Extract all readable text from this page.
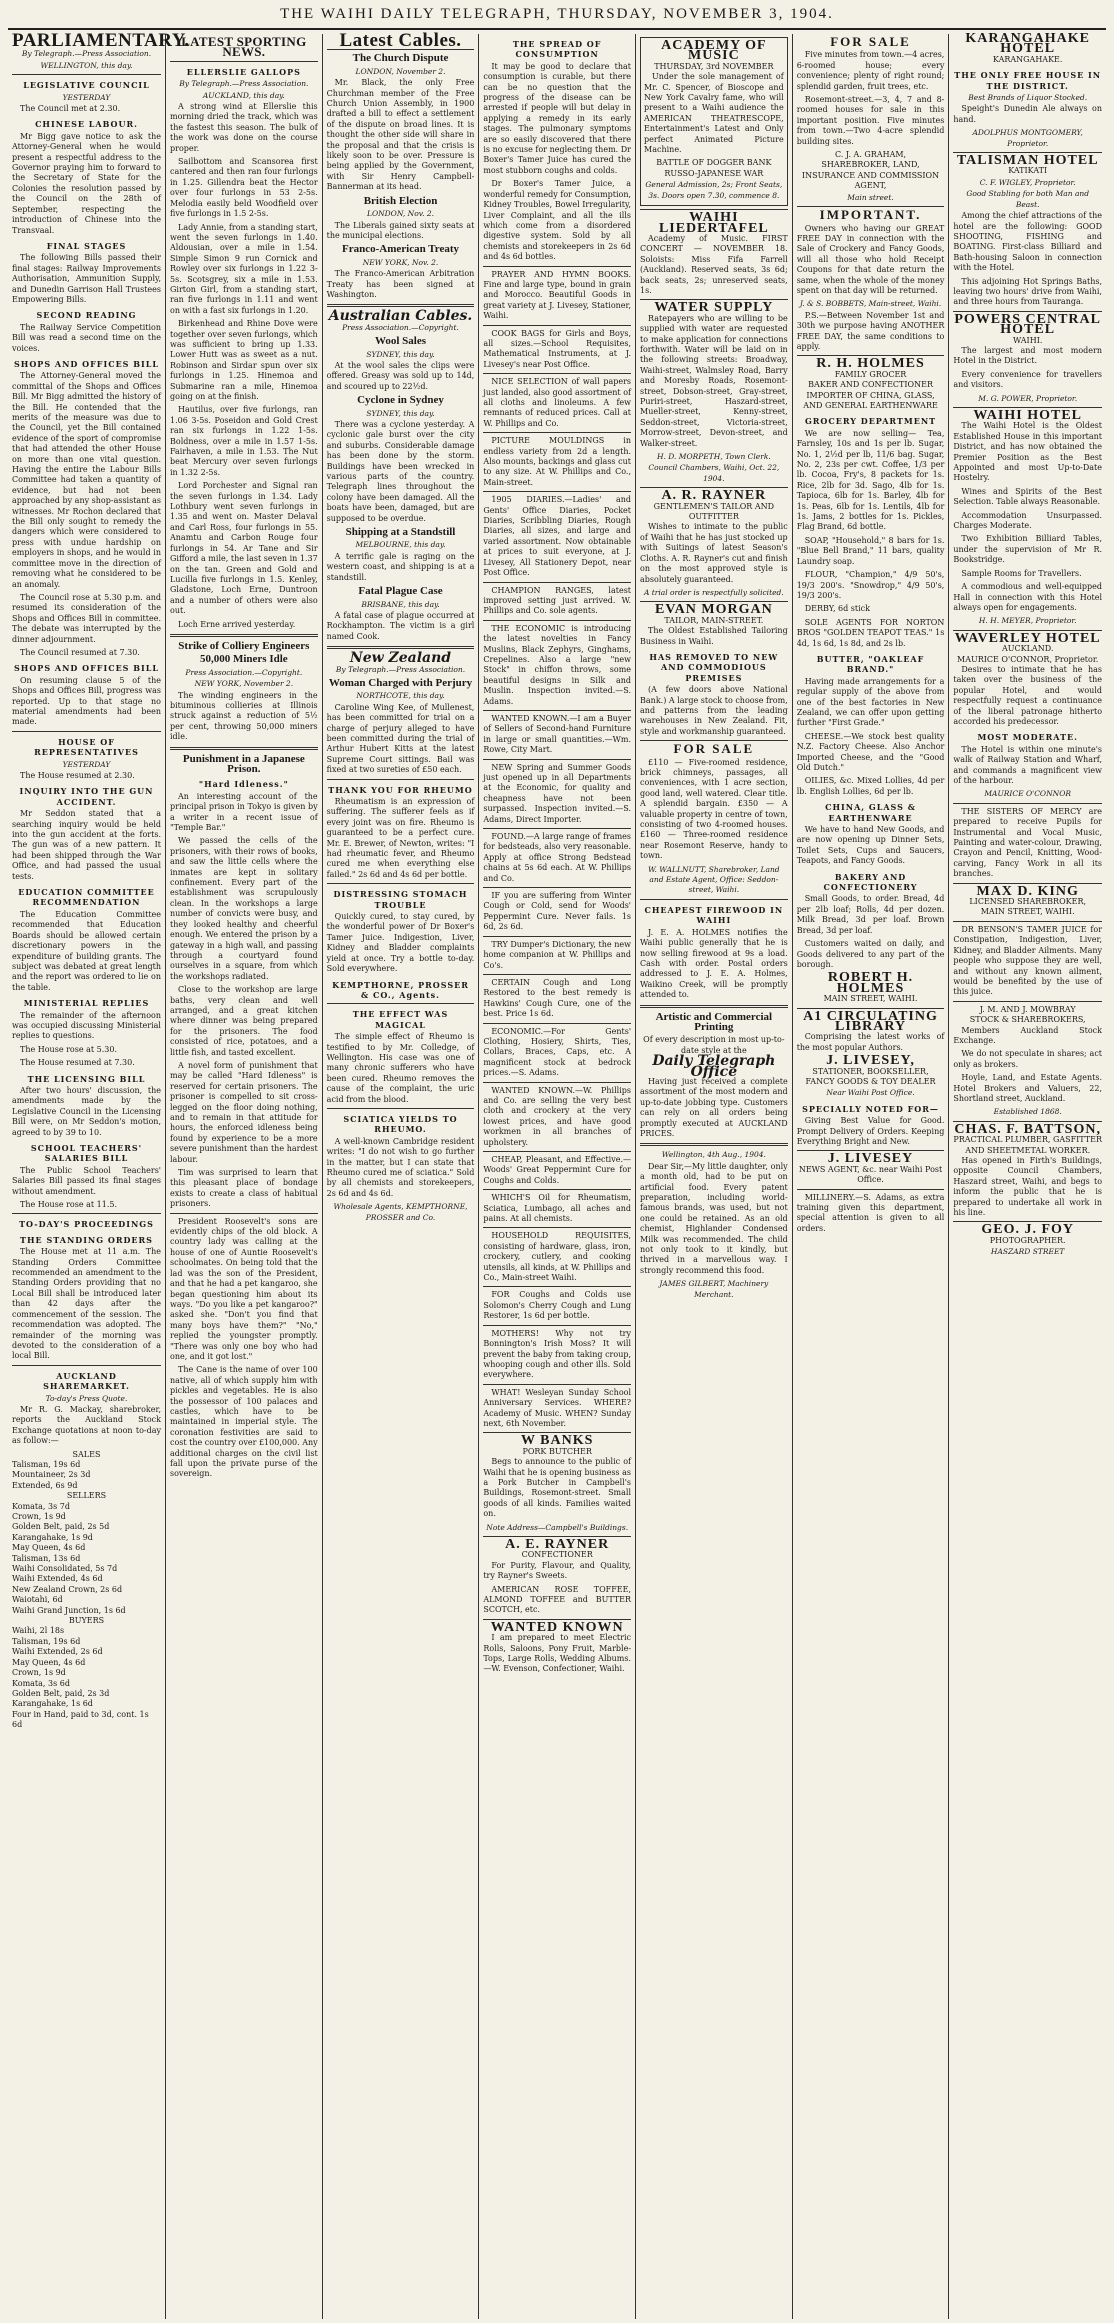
THE WAIHI DAILY TELEGRAPH, THURSDAY, NOVEMBER 3, 1904.
PARLIAMENTARY.
By Telegraph.—Press Association.
WELLINGTON, this day.
LEGISLATIVE COUNCIL
YESTERDAY

The Council met at 2.30.

CHINESE LABOUR.

Mr Bigg gave notice to ask the Attorney-General when he would present a respectful address to the Governor praying him to forward to the Secretary of State for the Colonies the resolution passed by the Council on the 28th of September, respecting the introduction of Chinese into the Transvaal.

FINAL STAGES

The following Bills passed their final stages: Railway Improvements Authorisation, Ammunition Supply, and Dunedin Garrison Hall Trustees Empowering Bills.

SECOND READING

The Railway Service Competition Bill was read a second time on the voices.

SHOPS AND OFFICES BILL

The Attorney-General moved the committal of the Shops and Offices Bill. Mr Bigg admitted the history of the Bill. He contended that the merits of the measure was due to the Council, yet the Bill contained evidence of the sport of compromise that had attended the other House on more than one vital question. Having the entire the Labour Bills Committee had taken a quantity of evidence, but had not been approached by any shop-assistant as witnesses. Mr Rochon declared that the Bill only sought to remedy the dangers which were considered to press with undue hardship on employers in shops, and he would in committee move in the direction of removing what he considered to be an anomaly.

The Council rose at 5.30 p.m. and resumed its consideration of the Shops and Offices Bill in committee. The debate was interrupted by the dinner adjournment.

The Council resumed at 7.30.

SHOPS AND OFFICES BILL

On resuming clause 5 of the Shops and Offices Bill, progress was reported. Up to that stage no material amendments had been made.

HOUSE OF REPRESENTATIVES
YESTERDAY

The House resumed at 2.30.

INQUIRY INTO THE GUN ACCIDENT.

Mr Seddon stated that a searching inquiry would be held into the gun accident at the forts. The gun was of a new pattern. It had been shipped through the War Office, and had passed the usual tests.

EDUCATION COMMITTEE RECOMMENDATION

The Education Committee recommended that Education Boards should be allowed certain discretionary powers in the expenditure of building grants. The subject was debated at great length and the report was ordered to lie on the table.

MINISTERIAL REPLIES

The remainder of the afternoon was occupied discussing Ministerial replies to questions.

The House rose at 5.30.

The House resumed at 7.30.

THE LICENSING BILL

After two hours' discussion, the amendments made by the Legislative Council in the Licensing Bill were, on Mr Seddon's motion, agreed to by 39 to 10.

SCHOOL TEACHERS' SALARIES BILL

The Public School Teachers' Salaries Bill passed its final stages without amendment.

The House rose at 11.5.

TO-DAY'S PROCEEDINGS
THE STANDING ORDERS

The House met at 11 a.m. The Standing Orders Committee recommended an amendment to the Standing Orders providing that no Local Bill shall be introduced later than 42 days after the commencement of the session. The recommendation was adopted. The remainder of the morning was devoted to the consideration of a local Bill.

AUCKLAND SHAREMARKET.
To-day's Press Quote.

Mr R. G. Mackay, sharebroker, reports the Auckland Stock Exchange quotations at noon to-day as follow:—

SALES
Talisman, 19s 6d
Mountaineer, 2s 3d
Extended, 6s 9d
SELLERS
Komata, 3s 7d
Crown, 1s 9d
Golden Belt, paid, 2s 5d
Karangahake, 1s 9d
May Queen, 4s 6d
Talisman, 13s 6d
Waihi Consolidated, 5s 7d
Waihi Extended, 4s 6d
New Zealand Crown, 2s 6d
Waiotahi, 6d
Waihi Grand Junction, 1s 6d
BUYERS
Waihi, 2l 18s
Talisman, 19s 6d
Waihi Extended, 2s 6d
May Queen, 4s 6d
Crown, 1s 9d
Komata, 3s 6d
Golden Belt, paid, 2s 3d
Karangahake, 1s 6d
Four in Hand, paid to 3d, cont. 1s 6d
LATEST SPORTING NEWS.
ELLERSLIE GALLOPS
By Telegraph.—Press Association.
AUCKLAND, this day.

A strong wind at Ellerslie this morning dried the track, which was the fastest this season. The bulk of the work was done on the course proper.

Sailbottom and Scansorea first cantered and then ran four furlongs in 1.25. Gillendra beat the Hector over four furlongs in 53 2-5s. Melodia easily beld Woodfield over five furlongs in 1.5 2-5s.

Lady Annie, from a standing start, went the seven furlongs in 1.40. Aldousian, over a mile in 1.54. Simple Simon 9 run Cornick and Rowley over six furlongs in 1.22 3-5s. Scotsgrey, six a mile in 1.53. Girton Girl, from a standing start, ran five furlongs in 1.11 and went on with a fast six furlongs in 1.20.

Birkenhead and Rhine Dove were together over seven furlongs, which was sufficient to bring up 1.33. Lower Hutt was as sweet as a nut. Robinson and Sirdar spun over six furlongs in 1.25. Hinemoa and Submarine ran a mile, Hinemoa going on at the finish.

Hautilus, over five furlongs, ran 1.06 3-5s. Poseidon and Gold Crest ran six furlongs in 1.22 1-5s. Boldness, over a mile in 1.57 1-5s. Fairhaven, a mile in 1.53. The Nut beat Mercury over seven furlongs in 1.32 2-5s.

Lord Porchester and Signal ran the seven furlongs in 1.34. Lady Lothbury went seven furlongs in 1.35 and went on. Master Delaval and Carl Ross, four furlongs in 55. Anamtu and Carbon Rouge four furlongs in 54. Ar Tane and Sir Gifford a mile, the last seven in 1.37 on the tan. Green and Gold and Lucilla five furlongs in 1.5. Kenley, Gladstone, Loch Erne, Duntroon and a number of others were also out.

Loch Erne arrived yesterday.

Strike of Colliery Engineers
50,000 Miners Idle
Press Association.—Copyright.
NEW YORK, November 2.

The winding engineers in the bituminous collieries at Illinois struck against a reduction of 5½ per cent, throwing 50,000 miners idle.

Punishment in a Japanese Prison.
"Hard Idleness."

An interesting account of the principal prison in Tokyo is given by a writer in a recent issue of "Temple Bar."

We passed the cells of the prisoners, with their rows of books, and saw the little cells where the inmates are kept in solitary confinement. Every part of the establishment was scrupulously clean. In the workshops a large number of convicts were busy, and they looked healthy and cheerful enough. We entered the prison by a gateway in a high wall, and passing through a courtyard found ourselves in a square, from which the workshops radiated.

Close to the workshop are large baths, very clean and well arranged, and a great kitchen where dinner was being prepared for the prisoners. The food consisted of rice, potatoes, and a little fish, and tasted excellent.

A novel form of punishment that may be called "Hard Idleness" is reserved for certain prisoners. The prisoner is compelled to sit cross-legged on the floor doing nothing, and to remain in that attitude for hours, the enforced idleness being found by experience to be a more severe punishment than the hardest labour.

Tim was surprised to learn that this pleasant place of bondage exists to create a class of habitual prisoners.

President Roosevelt's sons are evidently chips of the old block. A country lady was calling at the house of one of Auntie Roosevelt's schoolmates. On being told that the lad was the son of the President, and that he had a pet kangaroo, she began questioning him about its ways. "Do you like a pet kangaroo?" asked she. "Don't you find that many boys have them?" "No," replied the youngster promptly. "There was only one boy who had one, and it got lost."

The Cane is the name of over 100 native, all of which supply him with pickles and vegetables. He is also the possessor of 100 palaces and castles, which have to be maintained in imperial style. The coronation festivities are said to cost the country over £100,000. Any additional charges on the civil list fall upon the private purse of the sovereign.

Latest Cables.
The Church Dispute
LONDON, November 2.

Mr. Black, the only Free Churchman member of the Free Church Union Assembly, in 1900 drafted a bill to effect a settlement of the dispute on broad lines. It is thought the other side will share in the proposal and that the crisis is likely soon to be over. Pressure is being applied by the Government, with Sir Henry Campbell-Bannerman at its head.

British Election
LONDON, Nov. 2.

The Liberals gained sixty seats at the municipal elections.

Franco-American Treaty
NEW YORK, Nov. 2.

The Franco-American Arbitration Treaty has been signed at Washington.

Australian Cables.
Press Association.—Copyright.
Wool Sales
SYDNEY, this day.

At the wool sales the clips were offered. Greasy was sold up to 14d, and scoured up to 22½d.

Cyclone in Sydney
SYDNEY, this day.

There was a cyclone yesterday. A cyclonic gale burst over the city and suburbs. Considerable damage has been done by the storm. Buildings have been wrecked in various parts of the country. Telegraph lines throughout the colony have been damaged. All the boats have been, damaged, but are supposed to be overdue.

Shipping at a Standstill
MELBOURNE, this day.

A terrific gale is raging on the western coast, and shipping is at a standstill.

Fatal Plague Case
BRISBANE, this day.

A fatal case of plague occurred at Rockhampton. The victim is a girl named Cook.

New Zealand
By Telegraph.—Press Association.
Woman Charged with Perjury
NORTHCOTE, this day.

Caroline Wing Kee, of Mullenest, has been committed for trial on a charge of perjury alleged to have been committed during the trial of Arthur Hubert Kitts at the latest Supreme Court sittings. Bail was fixed at two sureties of £50 each.

THANK YOU FOR RHEUMO

Rheumatism is an expression of suffering. The sufferer feels as if every joint was on fire. Rheumo is guaranteed to be a perfect cure. Mr. E. Brewer, of Newton, writes: "I had rheumatic fever, and Rheumo cured me when everything else failed." 2s 6d and 4s 6d per bottle.

DISTRESSING STOMACH TROUBLE

Quickly cured, to stay cured, by the wonderful power of Dr Boxer's Tamer Juice. Indigestion, Liver, Kidney and Bladder complaints yield at once. Try a bottle to-day. Sold everywhere.

KEMPTHORNE, PROSSER & CO., Agents.
THE EFFECT WAS MAGICAL

The simple effect of Rheumo is testified to by Mr. Colledge, of Wellington. His case was one of many chronic sufferers who have been cured. Rheumo removes the cause of the complaint, the uric acid from the blood.

SCIATICA YIELDS TO RHEUMO.

A well-known Cambridge resident writes: "I do not wish to go further in the matter, but I can state that Rheumo cured me of sciatica." Sold by all chemists and storekeepers, 2s 6d and 4s 6d.

Wholesale Agents, KEMPTHORNE, PROSSER and Co.
THE SPREAD OF CONSUMPTION

It may be good to declare that consumption is curable, but there can be no question that the progress of the disease can be arrested if people will but delay in applying a remedy in its early stages. The pulmonary symptoms are so easily discovered that there is no excuse for neglecting them. Dr Boxer's Tamer Juice has cured the most stubborn coughs and colds.

Dr Boxer's Tamer Juice, a wonderful remedy for Consumption, Kidney Troubles, Bowel Irregularity, Liver Complaint, and all the ills which come from a disordered digestive system. Sold by all chemists and storekeepers in 2s 6d and 4s 6d bottles.

PRAYER AND HYMN BOOKS. Fine and large type, bound in grain and Morocco. Beautiful Goods in great variety at J. Livesey, Stationer, Waihi.

COOK BAGS for Girls and Boys, all sizes.—School Requisites, Mathematical Instruments, at J. Livesey's near Post Office.

NICE SELECTION of wall papers just landed, also good assortment of all cloths and linoleums. A few remnants of reduced prices. Call at W. Phillips and Co.

PICTURE MOULDINGS in endless variety from 2d a length. Also mounts, backings and glass cut to any size. At W. Phillips and Co., Main-street.

1905 DIARIES.—Ladies' and Gents' Office Diaries, Pocket Diaries, Scribbling Diaries, Rough Diaries, all sizes, and large and varied assortment. Now obtainable at prices to suit everyone, at J. Livesey, All Stationery Depot, near Post Office.

CHAMPION RANGES, latest improved setting just arrived. W. Phillips and Co. sole agents.

THE ECONOMIC is introducing the latest novelties in Fancy Muslins, Black Zephyrs, Ginghams, Crepelines. Also a large "new Stock" in chiffon throws, some beautiful designs in Silk and Muslin. Inspection invited.—S. Adams.

WANTED KNOWN.—I am a Buyer of Sellers of Second-hand Furniture in large or small quantities.—Wm. Rowe, City Mart.

NEW Spring and Summer Goods just opened up in all Departments at the Economic, for quality and cheapness have not been surpassed. Inspection invited.—S. Adams, Direct Importer.

FOUND.—A large range of frames for bedsteads, also very reasonable. Apply at office Strong Bedstead chains at 5s 6d each. At W. Phillips and Co.

IF you are suffering from Winter Cough or Cold, send for Woods' Peppermint Cure. Never fails. 1s 6d, 2s 6d.

TRY Dumper's Dictionary, the new home companion at W. Phillips and Co's.

CERTAIN Cough and Long Restored to the best remedy is Hawkins' Cough Cure, one of the best. Price 1s 6d.

ECONOMIC.—For Gents' Clothing, Hosiery, Shirts, Ties, Collars, Braces, Caps, etc. A magnificent stock at bedrock prices.—S. Adams.

WANTED KNOWN.—W. Phillips and Co. are selling the very best cloth and crockery at the very lowest prices, and have good workmen in all branches of upholstery.

CHEAP, Pleasant, and Effective.—Woods' Great Peppermint Cure for Coughs and Colds.

WHICH'S Oil for Rheumatism, Sciatica, Lumbago, all aches and pains. At all chemists.

HOUSEHOLD REQUISITES, consisting of hardware, glass, iron, crockery, cutlery, and cooking utensils, all kinds, at W. Phillips and Co., Main-street Waihi.

FOR Coughs and Colds use Solomon's Cherry Cough and Lung Restorer, 1s 6d per bottle.

MOTHERS! Why not try Bonnington's Irish Moss? It will prevent the baby from taking croup, whooping cough and other ills. Sold everywhere.

WHAT! Wesleyan Sunday School Anniversary Services. WHERE? Academy of Music. WHEN? Sunday next, 6th November.

W BANKS
PORK BUTCHER

Begs to announce to the public of Waihi that he is opening business as a Pork Butcher in Campbell's Buildings, Rosemont-street. Small goods of all kinds. Families waited on.

Note Address—Campbell's Buildings.
A. E. RAYNER
CONFECTIONER

For Purity, Flavour, and Quality, try Rayner's Sweets.

AMERICAN ROSE TOFFEE, ALMOND TOFFEE and BUTTER SCOTCH, etc.

WANTED KNOWN

I am prepared to meet Electric Rolls, Saloons, Pony Fruit, Marble-Tops, Large Rolls, Wedding Albums.—W. Evenson, Confectioner, Waihi.

ACADEMY OF MUSIC
THURSDAY, 3rd NOVEMBER

Under the sole management of Mr. C. Spencer, of Bioscope and New York Cavalry fame, who will present to a Waihi audience the AMERICAN THEATRESCOPE, Entertainment's Latest and Only perfect Animated Picture Machine.

BATTLE OF DOGGER BANK
RUSSO-JAPANESE WAR
General Admission, 2s; Front Seats, 3s. Doors open 7.30, commence 8.
WAIHI LIEDERTAFEL

Academy of Music. FIRST CONCERT — NOVEMBER 18. Soloists: Miss Fifa Farrell (Auckland). Reserved seats, 3s 6d; back seats, 2s; unreserved seats, 1s.

WATER SUPPLY

Ratepayers who are willing to be supplied with water are requested to make application for connections forthwith. Water will be laid on in the following streets: Broadway, Waihi-street, Walmsley Road, Barry and Moresby Roads, Rosemont-street, Dobson-street, Gray-street, Puriri-street, Haszard-street, Mueller-street, Kenny-street, Seddon-street, Victoria-street, Morrow-street, Devon-street, and Walker-street.

H. D. MORPETH, Town Clerk.
Council Chambers, Waihi, Oct. 22, 1904.
A. R. RAYNER
GENTLEMEN'S TAILOR AND OUTFITTER

Wishes to intimate to the public of Waihi that he has just stocked up with Suitings of latest Season's Cloths. A. R. Rayner's cut and finish on the most approved style is absolutely guaranteed.

A trial order is respectfully solicited.
EVAN MORGAN
TAILOR, MAIN-STREET.

The Oldest Established Tailoring Business in Waihi.

HAS REMOVED TO NEW AND COMMODIOUS PREMISES

(A few doors above National Bank.) A large stock to choose from, and patterns from the leading warehouses in New Zealand. Fit, style and workmanship guaranteed.

FOR SALE

£110 — Five-roomed residence, brick chimneys, passages, all conveniences, with 1 acre section, good land, well watered. Clear title. A splendid bargain. £350 — A valuable property in centre of town, consisting of two 4-roomed houses. £160 — Three-roomed residence near Rosemont Reserve, handy to town.

W. WALLNUTT, Sharebroker, Land and Estate Agent, Office: Seddon-street, Waihi.
CHEAPEST FIREWOOD IN WAIHI

J. E. A. HOLMES notifies the Waihi public generally that he is now selling firewood at 9s a load. Cash with order. Postal orders addressed to J. E. A. Holmes, Waikino Creek, will be promptly attended to.

Artistic and Commercial Printing
Of every description in most up-to-date style at the
Daily Telegraph Office

Having just received a complete assortment of the most modern and up-to-date jobbing type. Customers can rely on all orders being promptly executed at AUCKLAND PRICES.

Wellington, 4th Aug., 1904.

Dear Sir,—My little daughter, only a month old, had to be put on artificial food. Every patent preparation, including world-famous brands, was used, but not one could be retained. As an old chemist, Highlander Condensed Milk was recommended. The child not only took to it kindly, but thrived in a marvellous way. I strongly recommend this food.

JAMES GILBERT, Machinery Merchant.
FOR SALE

Five minutes from town.—4 acres, 6-roomed house; every convenience; plenty of right round; splendid garden, fruit trees, etc.

Rosemont-street.—3, 4, 7 and 8-roomed houses for sale in this important position. Five minutes from town.—Two 4-acre splendid building sites.

C. J. A. GRAHAM,
SHAREBROKER, LAND, INSURANCE AND COMMISSION AGENT,
Main street.
IMPORTANT.

Owners who having our GREAT FREE DAY in connection with the Sale of Crockery and Fancy Goods, will all those who hold Receipt Coupons for that date return the same, when the whole of the money spent on that day will be returned.

J. & S. BOBBETS, Main-street, Waihi.

P.S.—Between November 1st and 30th we purpose having ANOTHER FREE DAY, the same conditions to apply.

R. H. HOLMES
FAMILY GROCER
BAKER AND CONFECTIONER
IMPORTER OF CHINA, GLASS, AND GENERAL EARTHENWARE
GROCERY DEPARTMENT

We are now selling— Tea, Farnsley, 10s and 1s per lb. Sugar, No. 1, 2½d per lb, 11/6 bag. Sugar, No. 2, 23s per cwt. Coffee, 1/3 per lb. Cocoa, Fry's, 8 packets for 1s. Rice, 2lb for 3d. Sago, 4lb for 1s. Tapioca, 6lb for 1s. Barley, 4lb for 1s. Peas, 6lb for 1s. Lentils, 4lb for 1s. Jams, 2 bottles for 1s. Pickles, Flag Brand, 6d bottle.

SOAP, "Household," 8 bars for 1s. "Blue Bell Brand," 11 bars, quality Laundry soap.

FLOUR, "Champion," 4/9 50's, 19/3 200's. "Snowdrop," 4/9 50's, 19/3 200's.

DERBY, 6d stick

SOLE AGENTS FOR NORTON BROS "GOLDEN TEAPOT TEAS." 1s 4d, 1s 6d, 1s 8d, and 2s lb.

BUTTER, "OAKLEAF BRAND."

Having made arrangements for a regular supply of the above from one of the best factories in New Zealand, we can offer upon getting further "First Grade."

CHEESE.—We stock best quality N.Z. Factory Cheese. Also Anchor Imported Cheese, and the "Good Old Dutch."

OILIES, &c. Mixed Lollies, 4d per lb. English Lollies, 6d per lb.

CHINA, GLASS & EARTHENWARE

We have to hand New Goods, and are now opening up Dinner Sets, Toilet Sets, Cups and Saucers, Teapots, and Fancy Goods.

BAKERY AND CONFECTIONERY

Small Goods, to order. Bread, 4d per 2lb loaf; Rolls, 4d per dozen. Milk Bread, 3d per loaf. Brown Bread, 3d per loaf.

Customers waited on daily, and Goods delivered to any part of the borough.

ROBERT H. HOLMES
MAIN STREET, WAIHI.
A1 CIRCULATING LIBRARY

Comprising the latest works of the most popular Authors.

J. LIVESEY,
STATIONER, BOOKSELLER, FANCY GOODS & TOY DEALER
Near Waihi Post Office.
SPECIALLY NOTED FOR—

Giving Best Value for Good. Prompt Delivery of Orders. Keeping Everything Bright and New.

J. LIVESEY
NEWS AGENT, &c. near Waihi Post Office.

MILLINERY.—S. Adams, as extra training given this department, special attention is given to all orders.

KARANGAHAKE HOTEL
KARANGAHAKE.
THE ONLY FREE HOUSE IN THE DISTRICT.
Best Brands of Liquor Stocked.

Speight's Dunedin Ale always on hand.

ADOLPHUS MONTGOMERY, Proprietor.
TALISMAN HOTEL
KATIKATI
C. F. WIGLEY, Proprietor.
Good Stabling for both Man and Beast.

Among the chief attractions of the hotel are the following: GOOD SHOOTING, FISHING and BOATING. First-class Billiard and Bath-housing Saloon in connection with the Hotel.

This adjoining Hot Springs Baths, leaving two hours' drive from Waihi, and three hours from Tauranga.

POWERS CENTRAL HOTEL
WAIHI.

The largest and most modern Hotel in the District.

Every convenience for travellers and visitors.

M. G. POWER, Proprietor.
WAIHI HOTEL

The Waihi Hotel is the Oldest Established House in this important District, and has now obtained the Premier Position as the Best Appointed and most Up-to-Date Hostelry.

Wines and Spirits of the Best Selection. Table always Reasonable.

Accommodation Unsurpassed. Charges Moderate.

Two Exhibition Billiard Tables, under the supervision of Mr R. Bookstridge.

Sample Rooms for Travellers.

A commodious and well-equipped Hall in connection with this Hotel always open for engagements.

H. H. MEYER, Proprietor.
WAVERLEY HOTEL
AUCKLAND.
MAURICE O'CONNOR, Proprietor.

Desires to intimate that he has taken over the business of the popular Hotel, and would respectfully request a continuance of the liberal patronage hitherto accorded his predecessor.

MOST MODERATE.

The Hotel is within one minute's walk of Railway Station and Wharf, and commands a magnificent view of the harbour.

MAURICE O'CONNOR

THE SISTERS OF MERCY are prepared to receive Pupils for Instrumental and Vocal Music, Painting and water-colour, Drawing, Crayon and Pencil, Knitting, Wood-carving, Fancy Work in all its branches.

MAX D. KING
LICENSED SHAREBROKER,
MAIN STREET, WAIHI.

DR BENSON'S TAMER JUICE for Constipation, Indigestion, Liver, Kidney, and Bladder Ailments. Many people who suppose they are well, and without any known ailment, would be benefited by the use of this juice.

J. M. AND J. MOWBRAY
STOCK & SHAREBROKERS,

Members Auckland Stock Exchange.

We do not speculate in shares; act only as brokers.

Hoyle, Land, and Estate Agents. Hotel Brokers and Valuers, 22, Shortland street, Auckland.

Established 1868.
CHAS. F. BATTSON,
PRACTICAL PLUMBER, GASFITTER AND SHEETMETAL WORKER.

Has opened in Firth's Buildings, opposite Council Chambers, Haszard street, Waihi, and begs to inform the public that he is prepared to undertake all work in his line.

GEO. J. FOY
PHOTOGRAPHER.
HASZARD STREET
